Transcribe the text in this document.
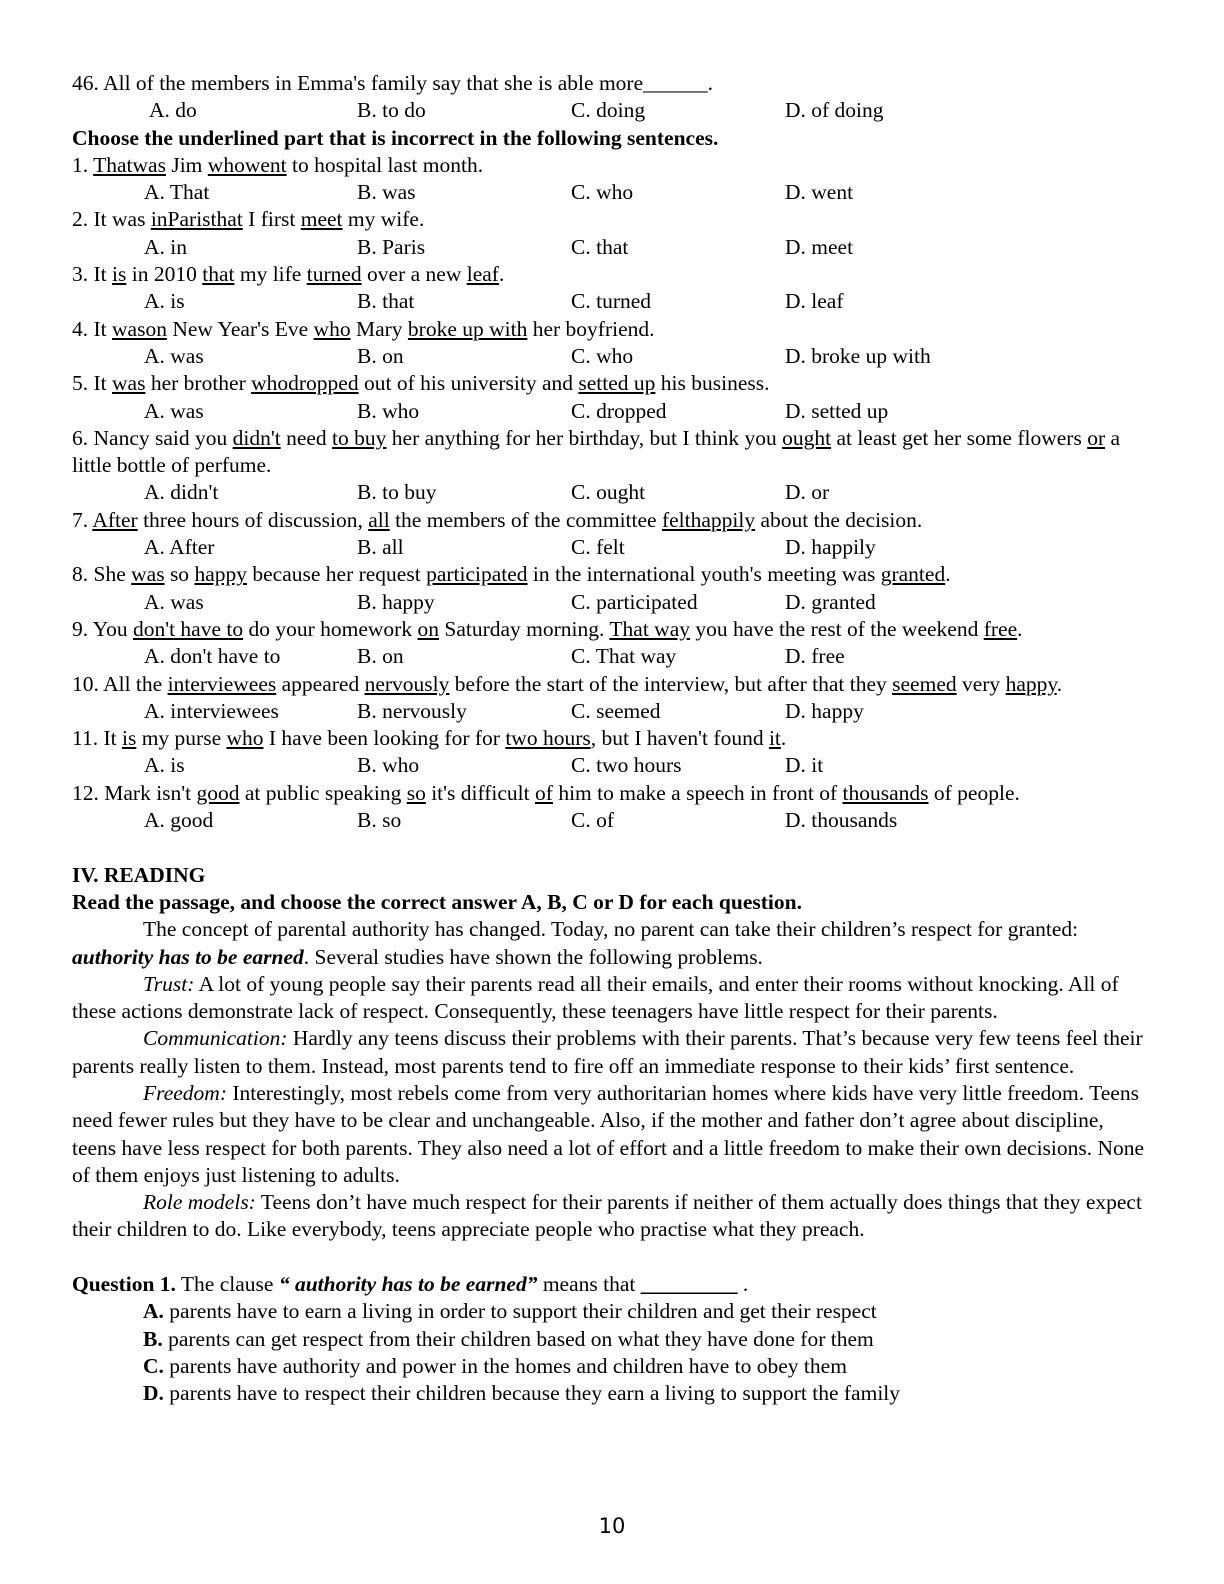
46. All of the members in Emma's family say that she is able more______.
A. do	B. to do	C. doing	D. of doing
Choose the underlined part that is incorrect in the following sentences.
1. Thatwas Jim whowent to hospital last month.
A. That	B. was	C. who	D. went
2. It was inParisthat I first meet my wife.
A. in	B. Paris	C. that	D. meet
3. It is in 2010 that my life turned over a new leaf.
A. is	B. that	C. turned	D. leaf
4. It wason New Year's Eve who Mary broke up with her boyfriend.
A. was	B. on	C. who	D. broke up with
5. It was her brother whodropped out of his university and setted up his business.
A. was	B. who	C. dropped	D. setted up
6. Nancy said you didn't need to buy her anything for her birthday, but I think you ought at least get her some flowers or a little bottle of perfume.
A. didn't	B. to buy	C. ought	D. or
7. After three hours of discussion, all the members of the committee felthappily about the decision.
A. After	B. all	C. felt	D. happily
8. She was so happy because her request participated in the international youth's meeting was granted.
A. was	B. happy	C. participated	D. granted
9. You don't have to do your homework on Saturday morning. That way you have the rest of the weekend free.
A. don't have to	B. on	C. That way	D. free
10. All the interviewees appeared nervously before the start of the interview, but after that they seemed very happy.
A. interviewees	B. nervously	C. seemed	D. happy
11. It is my purse who I have been looking for for two hours, but I haven't found it.
A. is	B. who	C. two hours	D. it
12. Mark isn't good at public speaking so it's difficult of him to make a speech in front of thousands of people.
A. good	B. so	C. of	D. thousands
IV. READING
Read the passage, and choose the correct answer A, B, C or D for each question.
The concept of parental authority has changed. Today, no parent can take their children’s respect for granted: authority has to be earned. Several studies have shown the following problems.
Trust: A lot of young people say their parents read all their emails, and enter their rooms without knocking. All of these actions demonstrate lack of respect. Consequently, these teenagers have little respect for their parents.
Communication: Hardly any teens discuss their problems with their parents. That’s because very few teens feel their parents really listen to them. Instead, most parents tend to fire off an immediate response to their kids’ first sentence.
Freedom: Interestingly, most rebels come from very authoritarian homes where kids have very little freedom. Teens need fewer rules but they have to be clear and unchangeable. Also, if the mother and father don’t agree about discipline, teens have less respect for both parents. They also need a lot of effort and a little freedom to make their own decisions. None of them enjoys just listening to adults.
Role models: Teens don’t have much respect for their parents if neither of them actually does things that they expect their children to do. Like everybody, teens appreciate people who practise what they preach.
Question 1. The clause “ authority has to be earned” means that _________ .
A. parents have to earn a living in order to support their children and get their respect
B. parents can get respect from their children based on what they have done for them
C. parents have authority and power in the homes and children have to obey them
D. parents have to respect their children because they earn a living to support the family
10
